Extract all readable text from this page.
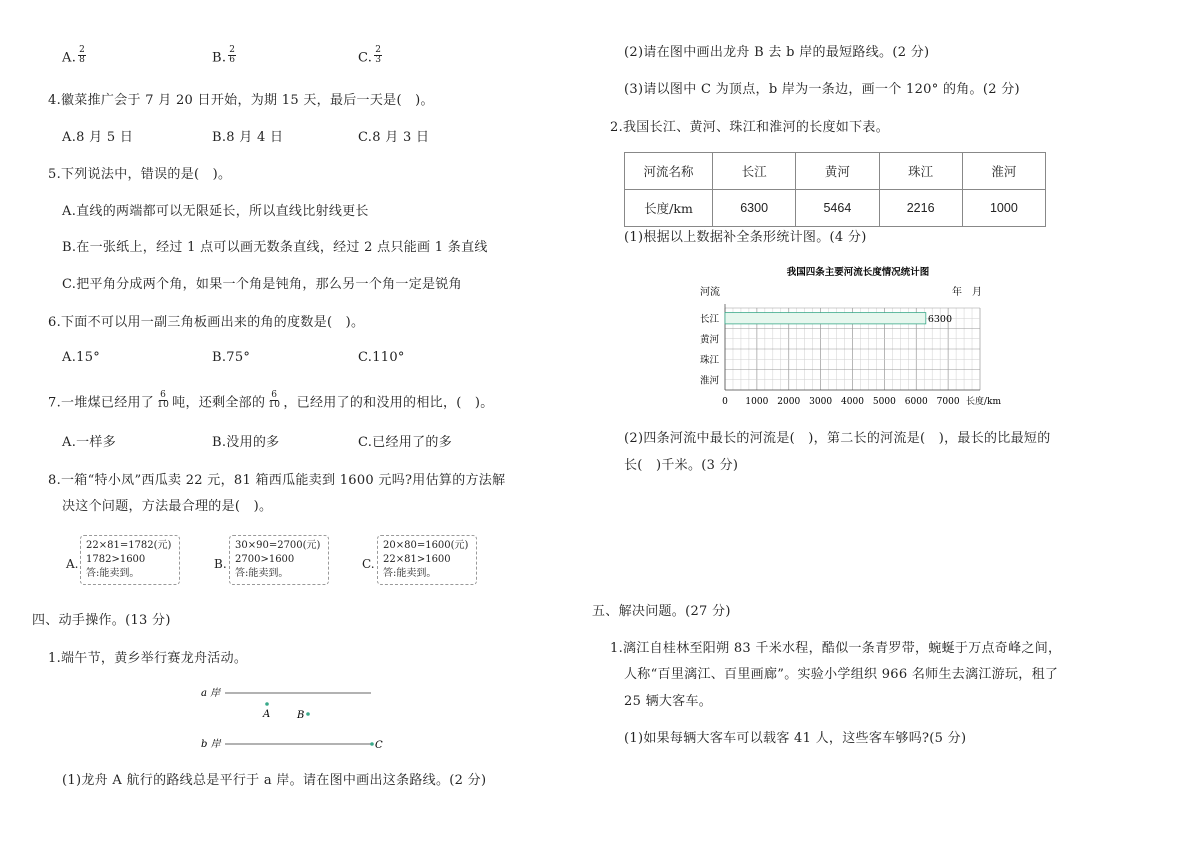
A. $\frac{2}{8}$	B. $\frac{2}{6}$	C. $\frac{2}{3}$
4.徽菜推广会于 7 月 20 日开始，为期 15 天，最后一天是(　)。
A.8 月 5 日	B.8 月 4 日	C.8 月 3 日
5.下列说法中，错误的是(　)。
A.直线的两端都可以无限延长，所以直线比射线更长
B.在一张纸上，经过 1 点可以画无数条直线，经过 2 点只能画 1 条直线
C.把平角分成两个角，如果一个角是钝角，那么另一个角一定是锐角
6.下面不可以用一副三角板画出来的角的度数是(　)。
A.15°	B.75°	C.110°
7.一堆煤已经用了 $\frac{6}{10}$ 吨，还剩全部的 $\frac{6}{10}$ ，已经用了的和没用的相比，(　)。
A.一样多	B.没用的多	C.已经用了的多
8.一箱“特小凤”西瓜卖 22 元，81 箱西瓜能卖到 1600 元吗?用估算的方法解
决这个问题，方法最合理的是(　)。
A.
22×81=1782(元)
1782>1600
答:能卖到。
B.
30×90=2700(元)
2700>1600
答:能卖到。
C.
20×80=1600(元)
22×81>1600
答:能卖到。
四、动手操作。(13 分)
1.端午节，黄乡举行赛龙舟活动。
a 岸
A	B
b 岸	C
(1)龙舟 A 航行的路线总是平行于 a 岸。请在图中画出这条路线。(2 分)
(2)请在图中画出龙舟 B 去 b 岸的最短路线。(2 分)
(3)请以图中 C 为顶点，b 岸为一条边，画一个 120° 的角。(2 分)
2.我国长江、黄河、珠江和淮河的长度如下表。
河流名称	长江	黄河	珠江	淮河
长度/km	6300	5464	2216	1000
(1)根据以上数据补全条形统计图。(4 分)
我国四条主要河流长度情况统计图
河流	年　月
长度/km
6300
长江
黄河
珠江
淮河
0 1000 2000 3000 4000 5000 6000 7000
(2)四条河流中最长的河流是(　)，第二长的河流是(　)，最长的比最短的
长(　)千米。(3 分)
五、解决问题。(27 分)
1.漓江自桂林至阳朔 83 千米水程，酷似一条青罗带，蜿蜒于万点奇峰之间，
人称“百里漓江、百里画廊”。实验小学组织 966 名师生去漓江游玩，租了
25 辆大客车。
(1)如果每辆大客车可以载客 41 人，这些客车够吗?(5 分)
